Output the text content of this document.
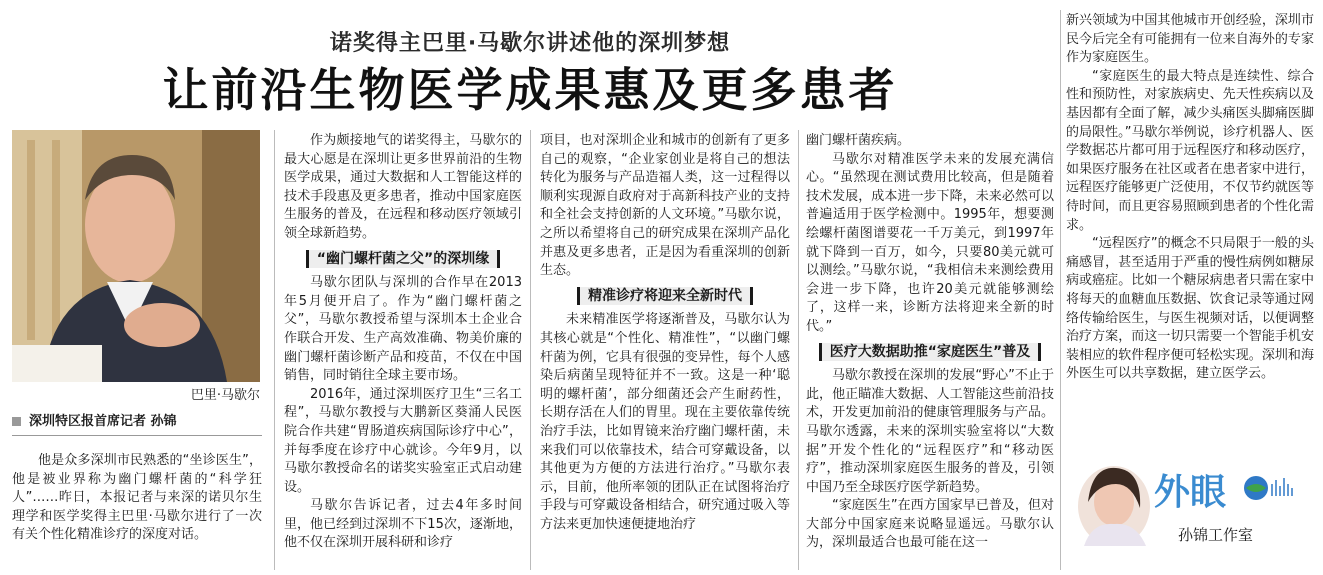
诺奖得主巴里·马歇尔讲述他的深圳梦想
让前沿生物医学成果惠及更多患者
巴里·马歇尔
深圳特区报首席记者 孙锦

他是众多深圳市民熟悉的“坐诊医生”，他是被业界称为幽门螺杆菌的“科学狂人”……昨日，本报记者与来深的诺贝尔生理学和医学奖得主巴里·马歇尔进行了一次有关个性化精准诊疗的深度对话。

作为颇接地气的诺奖得主，马歇尔的最大心愿是在深圳让更多世界前沿的生物医学成果，通过大数据和人工智能这样的技术手段惠及更多患者，推动中国家庭医生服务的普及，在远程和移动医疗领域引领全球新趋势。

“幽门螺杆菌之父”的深圳缘

马歇尔团队与深圳的合作早在2013年5月便开启了。作为“幽门螺杆菌之父”，马歇尔教授希望与深圳本土企业合作联合开发、生产高效准确、物美价廉的幽门螺杆菌诊断产品和疫苗，不仅在中国销售，同时销往全球主要市场。

2016年，通过深圳医疗卫生“三名工程”，马歇尔教授与大鹏新区葵涌人民医院合作共建“胃肠道疾病国际诊疗中心”，并每季度在诊疗中心就诊。今年9月，以马歇尔教授命名的诺奖实验室正式启动建设。

马歇尔告诉记者，过去4年多时间里，他已经到过深圳不下15次，逐渐地，他不仅在深圳开展科研和诊疗

项目，也对深圳企业和城市的创新有了更多自己的观察，“企业家创业是将自己的想法转化为服务与产品造福人类，这一过程得以顺利实现源自政府对于高新科技产业的支持和全社会支持创新的人文环境。”马歇尔说，之所以希望将自己的研究成果在深圳产品化并惠及更多患者，正是因为看重深圳的创新生态。

精准诊疗将迎来全新时代

未来精准医学将逐渐普及，马歇尔认为其核心就是“个性化、精准性”，“以幽门螺杆菌为例，它具有很强的变异性，每个人感染后病菌呈现特征并不一致。这是一种‘聪明的螺杆菌’，部分细菌还会产生耐药性，长期存活在人们的胃里。现在主要依靠传统治疗手法，比如胃镜来治疗幽门螺杆菌，未来我们可以依靠技术，结合可穿戴设备，以其他更为方便的方法进行治疗。”马歇尔表示，目前，他所率领的团队正在试图将治疗手段与可穿戴设备相结合，研究通过吸入等方法来更加快速便捷地治疗

幽门螺杆菌疾病。

马歇尔对精准医学未来的发展充满信心。“虽然现在测试费用比较高，但是随着技术发展，成本进一步下降，未来必然可以普遍适用于医学检测中。1995年，想要测绘螺杆菌图谱要花一千万美元，到1997年就下降到一百万，如今，只要80美元就可以测绘。”马歇尔说，“我相信未来测绘费用会进一步下降，也许20美元就能够测绘了，这样一来，诊断方法将迎来全新的时代。”

医疗大数据助推“家庭医生”普及

马歇尔教授在深圳的发展“野心”不止于此，他正瞄准大数据、人工智能这些前沿技术，开发更加前沿的健康管理服务与产品。马歇尔透露，未来的深圳实验室将以“大数据”开发个性化的“远程医疗”和“移动医疗”，推动深圳家庭医生服务的普及，引领中国乃至全球医疗医学新趋势。

“家庭医生”在西方国家早已普及，但对大部分中国家庭来说略显遥远。马歇尔认为，深圳最适合也最可能在这一

新兴领域为中国其他城市开创经验，深圳市民今后完全有可能拥有一位来自海外的专家作为家庭医生。

“家庭医生的最大特点是连续性、综合性和预防性，对家族病史、先天性疾病以及基因都有全面了解，减少头痛医头脚痛医脚的局限性。”马歇尔举例说，诊疗机器人、医学数据芯片都可用于远程医疗和移动医疗，如果医疗服务在社区或者在患者家中进行，远程医疗能够更广泛使用，不仅节约就医等待时间，而且更容易照顾到患者的个性化需求。

“远程医疗”的概念不只局限于一般的头痛感冒，甚至适用于严重的慢性病例如糖尿病或癌症。比如一个糖尿病患者只需在家中将每天的血糖血压数据、饮食记录等通过网络传输给医生，与医生视频对话，以便调整治疗方案，而这一切只需要一个智能手机安装相应的软件程序便可轻松实现。深圳和海外医生可以共享数据，建立医学云。

外眼
孙锦工作室
